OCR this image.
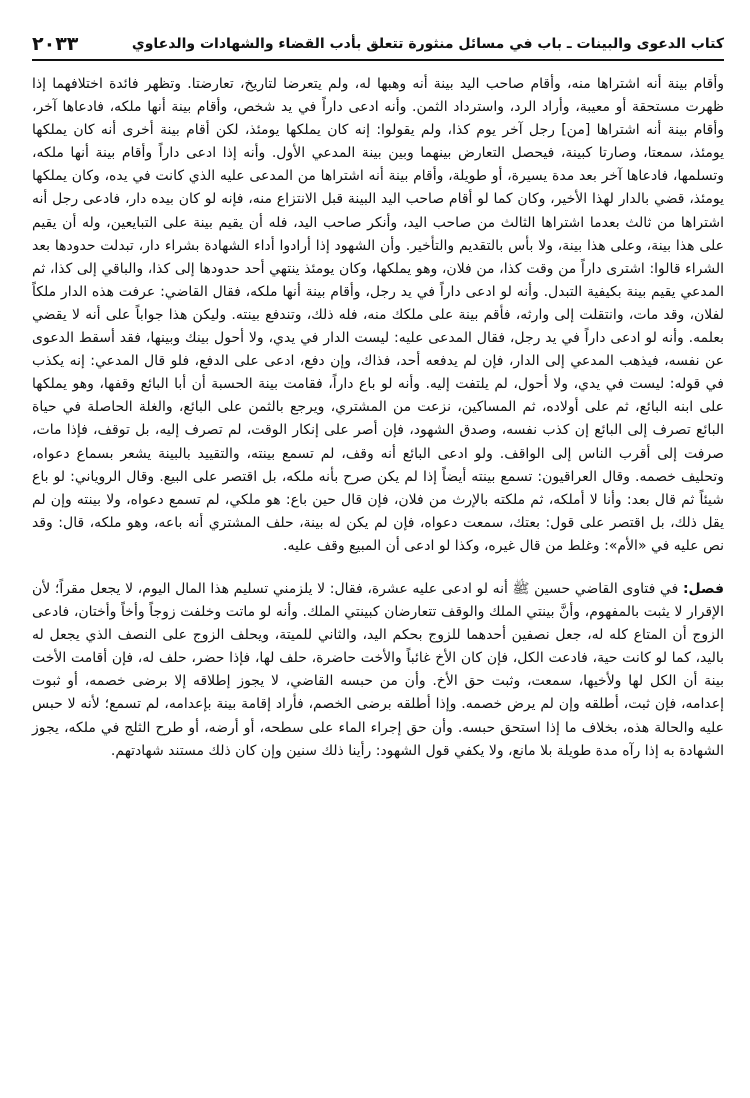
كتاب الدعوى والبينات ـ باب في مسائل منثورة تتعلق بأدب القضاء والشهادات والدعاوي
٢٠٣٣

وأقام بينة أنه اشتراها منه، وأقام صاحب اليد بينة أنه وهبها له، ولم يتعرضا لتاريخ، تعارضتا. وتظهر فائدة اختلافهما إذا ظهرت مستحقة أو معيبة، وأراد الرد، واسترداد الثمن. وأنه ادعى داراً في يد شخص، وأقام بينة أنها ملكه، فادعاها آخر، وأقام بينة أنه اشتراها [من] رجل آخر يوم كذا، ولم يقولوا: إنه كان يملكها يومئذ، لكن أقام بينة أخرى أنه كان يملكها يومئذ، سمعتا، وصارتا كبينة، فيحصل التعارض بينهما وبين بينة المدعي الأول. وأنه إذا ادعى داراً وأقام بينة أنها ملكه، وتسلمها، فادعاها آخر بعد مدة يسيرة، أو طويلة، وأقام بينة أنه اشتراها من المدعى عليه الذي كانت في يده، وكان يملكها يومئذ، قضي بالدار لهذا الأخير، وكان كما لو أقام صاحب اليد البينة قبل الانتزاع منه، فإنه لو كان بيده دار، فادعى رجل أنه اشتراها من ثالث بعدما اشتراها الثالث من صاحب اليد، وأنكر صاحب اليد، فله أن يقيم بينة على التبايعين، وله أن يقيم على هذا بينة، وعلى هذا بينة، ولا بأس بالتقديم والتأخير. وأن الشهود إذا أرادوا أداء الشهادة بشراء دار، تبدلت حدودها بعد الشراء قالوا: اشترى داراً من وقت كذا، من فلان، وهو يملكها، وكان يومئذ ينتهي أحد حدودها إلى كذا، والباقي إلى كذا، ثم المدعي يقيم بينة بكيفية التبدل. وأنه لو ادعى داراً في يد رجل، وأقام بينة أنها ملكه، فقال القاضي: عرفت هذه الدار ملكاً لفلان، وقد مات، وانتقلت إلى وارثه، فأقم بينة على ملكك منه، فله ذلك، وتندفع بينته. وليكن هذا جواباً على أنه لا يقضي بعلمه. وأنه لو ادعى داراً في يد رجل، فقال المدعى عليه: ليست الدار في يدي، ولا أحول بينك وبينها، فقد أسقط الدعوى عن نفسه، فيذهب المدعي إلى الدار، فإن لم يدفعه أحد، فذاك، وإن دفع، ادعى على الدفع، فلو قال المدعي: إنه يكذب في قوله: ليست في يدي، ولا أحول، لم يلتفت إليه. وأنه لو باع داراً، فقامت بينة الحسبة أن أبا البائع وقفها، وهو يملكها على ابنه البائع، ثم على أولاده، ثم المساكين، نزعت من المشتري، ويرجع بالثمن على البائع، والغلة الحاصلة في حياة البائع تصرف إلى البائع إن كذب نفسه، وصدق الشهود، فإن أصر على إنكار الوقت، لم تصرف إليه، بل توقف، فإذا مات، صرفت إلى أقرب الناس إلى الواقف. ولو ادعى البائع أنه وقف، لم تسمع بينته، والتقييد بالبينة يشعر بسماع دعواه، وتحليف خصمه. وقال العراقيون: تسمع بينته أيضاً إذا لم يكن صرح بأنه ملكه، بل اقتصر على البيع. وقال الروياني: لو باع شيئاً ثم قال بعد: وأنا لا أملكه، ثم ملكته بالإرث من فلان، فإن قال حين باع: هو ملكي، لم تسمع دعواه، ولا بينته وإن لم يقل ذلك، بل اقتصر على قول: بعتك، سمعت دعواه، فإن لم يكن له بينة، حلف المشتري أنه باعه، وهو ملكه، قال: وقد نص عليه في «الأم»: وغلط من قال غيره، وكذا لو ادعى أن المبيع وقف عليه.

فصل: في فتاوى القاضي حسين ﷺ أنه لو ادعى عليه عشرة، فقال: لا يلزمني تسليم هذا المال اليوم، لا يجعل مقراً؛ لأن الإقرار لا يثبت بالمفهوم، وأنَّ بينتي الملك والوقف تتعارضان كبينتي الملك. وأنه لو ماتت وخلفت زوجاً وأخاً وأختان، فادعى الزوج أن المتاع كله له، جعل نصفين أحدهما للزوج بحكم اليد، والثاني للميتة، ويحلف الزوج على النصف الذي يجعل له باليد، كما لو كانت حية، فادعت الكل، فإن كان الأخ غائباً والأخت حاضرة، حلف لها، فإذا حضر، حلف له، فإن أقامت الأخت بينة أن الكل لها ولأخيها، سمعت، وثبت حق الأخ. وأن من حبسه القاضي، لا يجوز إطلاقه إلا برضى خصمه، أو ثبوت إعدامه، فإن ثبت، أطلقه وإن لم يرض خصمه. وإذا أطلقه برضى الخصم، فأراد إقامة بينة بإعدامه، لم تسمع؛ لأنه لا حبس عليه والحالة هذه، بخلاف ما إذا استحق حبسه. وأن حق إجراء الماء على سطحه، أو أرضه، أو طرح الثلج في ملكه، يجوز الشهادة به إذا رآه مدة طويلة بلا مانع، ولا يكفي قول الشهود: رأينا ذلك سنين وإن كان ذلك مستند شهادتهم.
